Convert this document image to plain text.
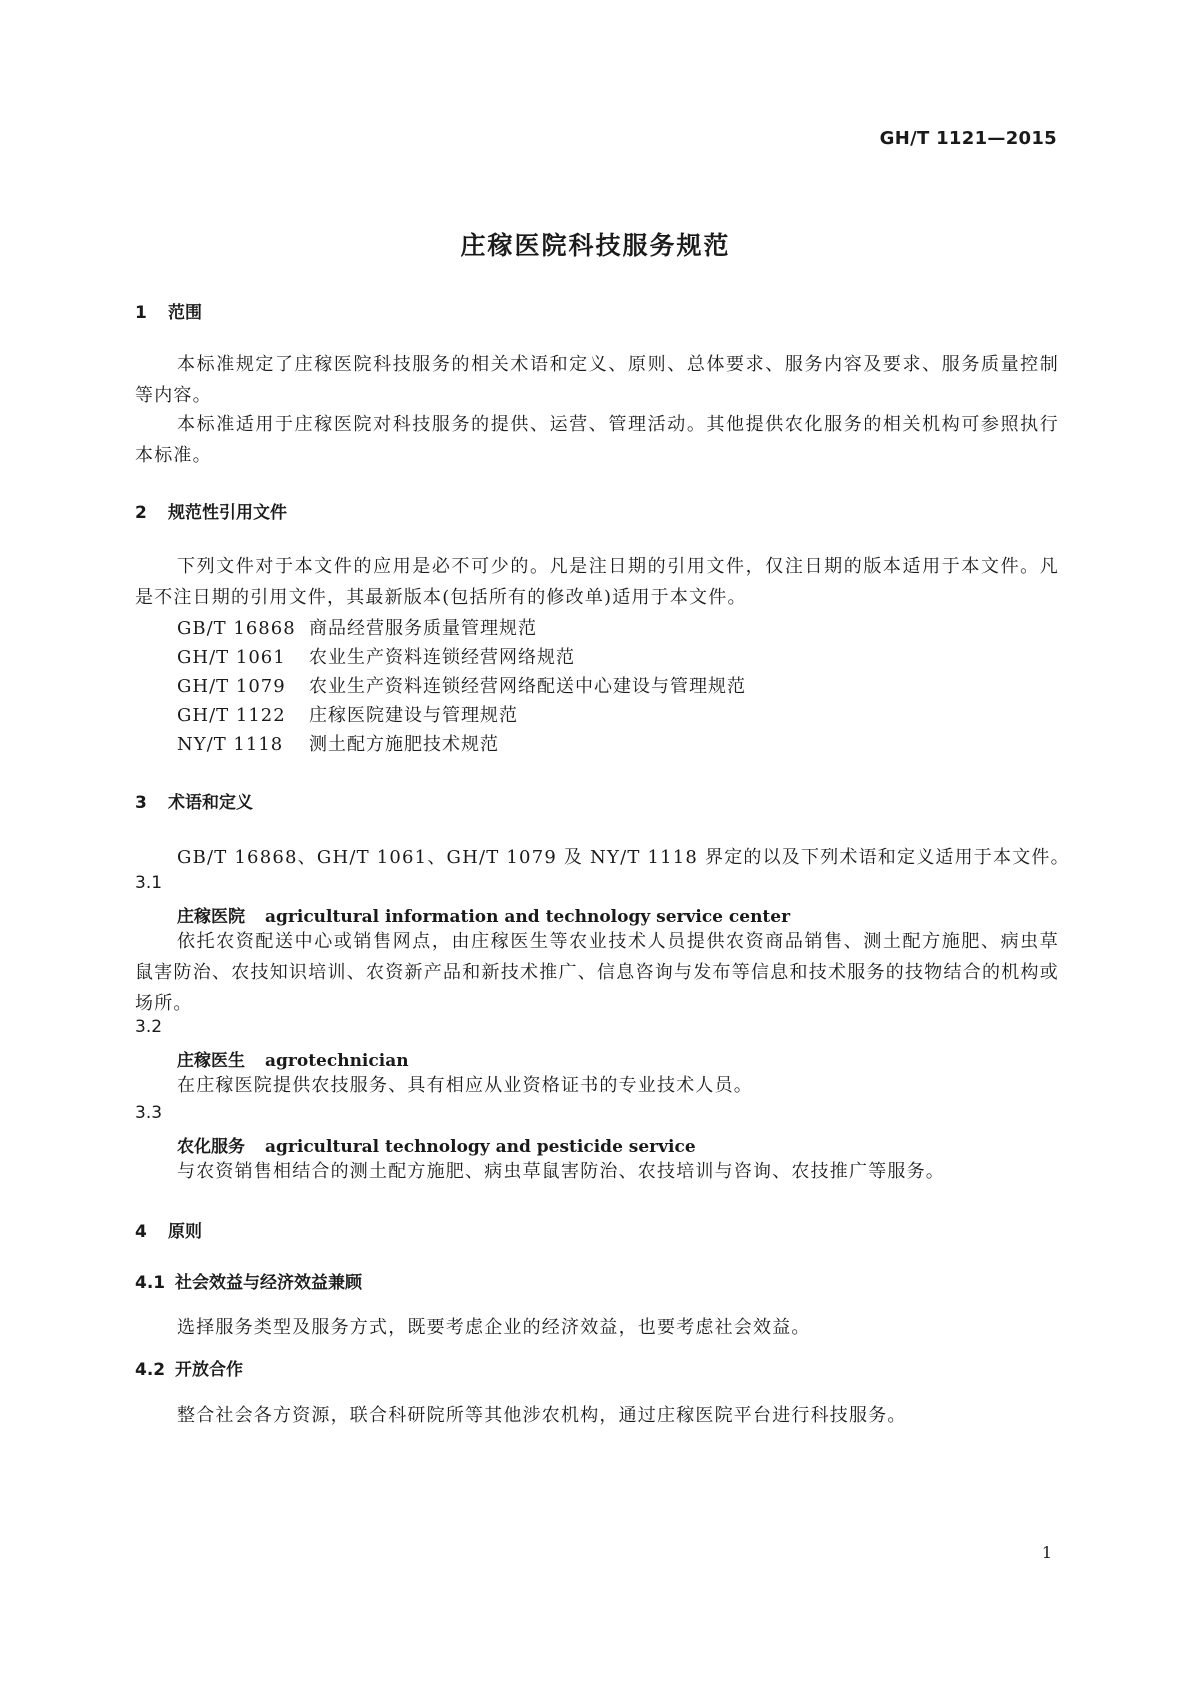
GH/T 1121—2015
庄稼医院科技服务规范
1 范围
本标准规定了庄稼医院科技服务的相关术语和定义、原则、总体要求、服务内容及要求、服务质量控制等内容。
本标准适用于庄稼医院对科技服务的提供、运营、管理活动。其他提供农化服务的相关机构可参照执行本标准。
2 规范性引用文件
下列文件对于本文件的应用是必不可少的。凡是注日期的引用文件，仅注日期的版本适用于本文件。凡是不注日期的引用文件，其最新版本(包括所有的修改单)适用于本文件。
GB/T 16868 商品经营服务质量管理规范
GH/T 1061 农业生产资料连锁经营网络规范
GH/T 1079 农业生产资料连锁经营网络配送中心建设与管理规范
GH/T 1122 庄稼医院建设与管理规范
NY/T 1118 测土配方施肥技术规范
3 术语和定义
GB/T 16868、GH/T 1061、GH/T 1079 及 NY/T 1118 界定的以及下列术语和定义适用于本文件。
3.1
庄稼医院 agricultural information and technology service center
依托农资配送中心或销售网点，由庄稼医生等农业技术人员提供农资商品销售、测土配方施肥、病虫草鼠害防治、农技知识培训、农资新产品和新技术推广、信息咨询与发布等信息和技术服务的技物结合的机构或场所。
3.2
庄稼医生 agrotechnician
在庄稼医院提供农技服务、具有相应从业资格证书的专业技术人员。
3.3
农化服务 agricultural technology and pesticide service
与农资销售相结合的测土配方施肥、病虫草鼠害防治、农技培训与咨询、农技推广等服务。
4 原则
4.1 社会效益与经济效益兼顾
选择服务类型及服务方式，既要考虑企业的经济效益，也要考虑社会效益。
4.2 开放合作
整合社会各方资源，联合科研院所等其他涉农机构，通过庄稼医院平台进行科技服务。
1
